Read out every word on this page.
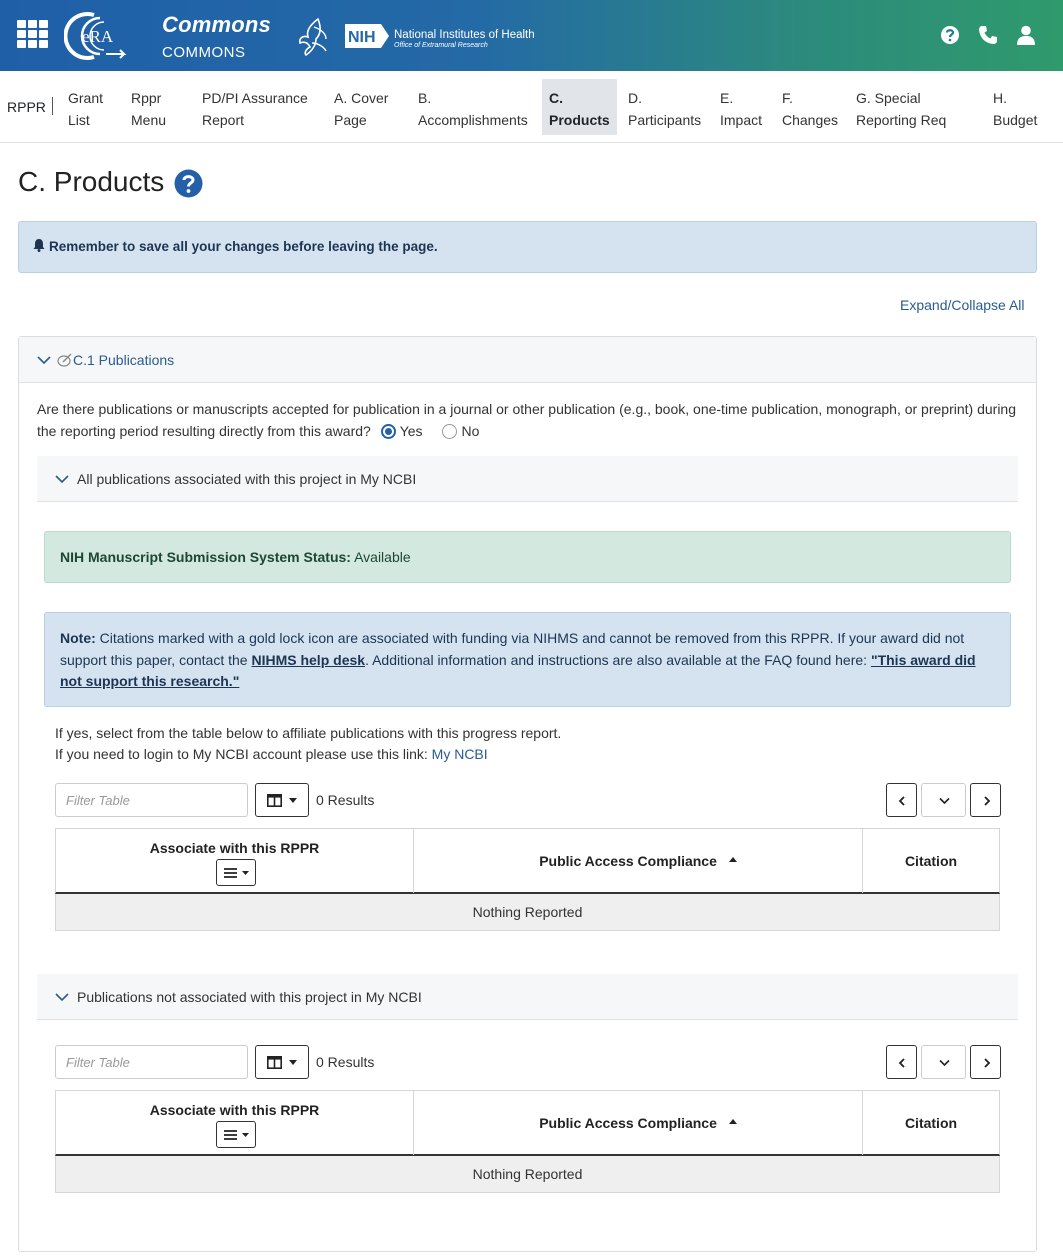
eRA Commons
COMMONS
NIH National Institutes of Health
Office of Extramural Research
RPPR
Grant
List
Rppr
Menu
PD/PI Assurance
Report
A. Cover
Page
B.
Accomplishments
C.
Products
D.
Participants
E.
Impact
F.
Changes
G. Special
Reporting Req
H.
Budget
C. Products
Remember to save all your changes before leaving the page.
Expand/Collapse All
C.1 Publications
Are there publications or manuscripts accepted for publication in a journal or other publication (e.g., book, one-time publication, monograph, or preprint) during the reporting period resulting directly from this award? Yes	No
All publications associated with this project in My NCBI
NIH Manuscript Submission System Status: Available
Note: Citations marked with a gold lock icon are associated with funding via NIHMS and cannot be removed from this RPPR. If your award did not support this paper, contact the NIHMS help desk. Additional information and instructions are also available at the FAQ found here: "This award did not support this research."
If yes, select from the table below to affiliate publications with this progress report.
If you need to login to My NCBI account please use this link: My NCBI
Filter Table	0 Results
Associate with this RPPR
Public Access Compliance	Citation
Nothing Reported
Publications not associated with this project in My NCBI
Filter Table	0 Results
Associate with this RPPR
Public Access Compliance	Citation
Nothing Reported
